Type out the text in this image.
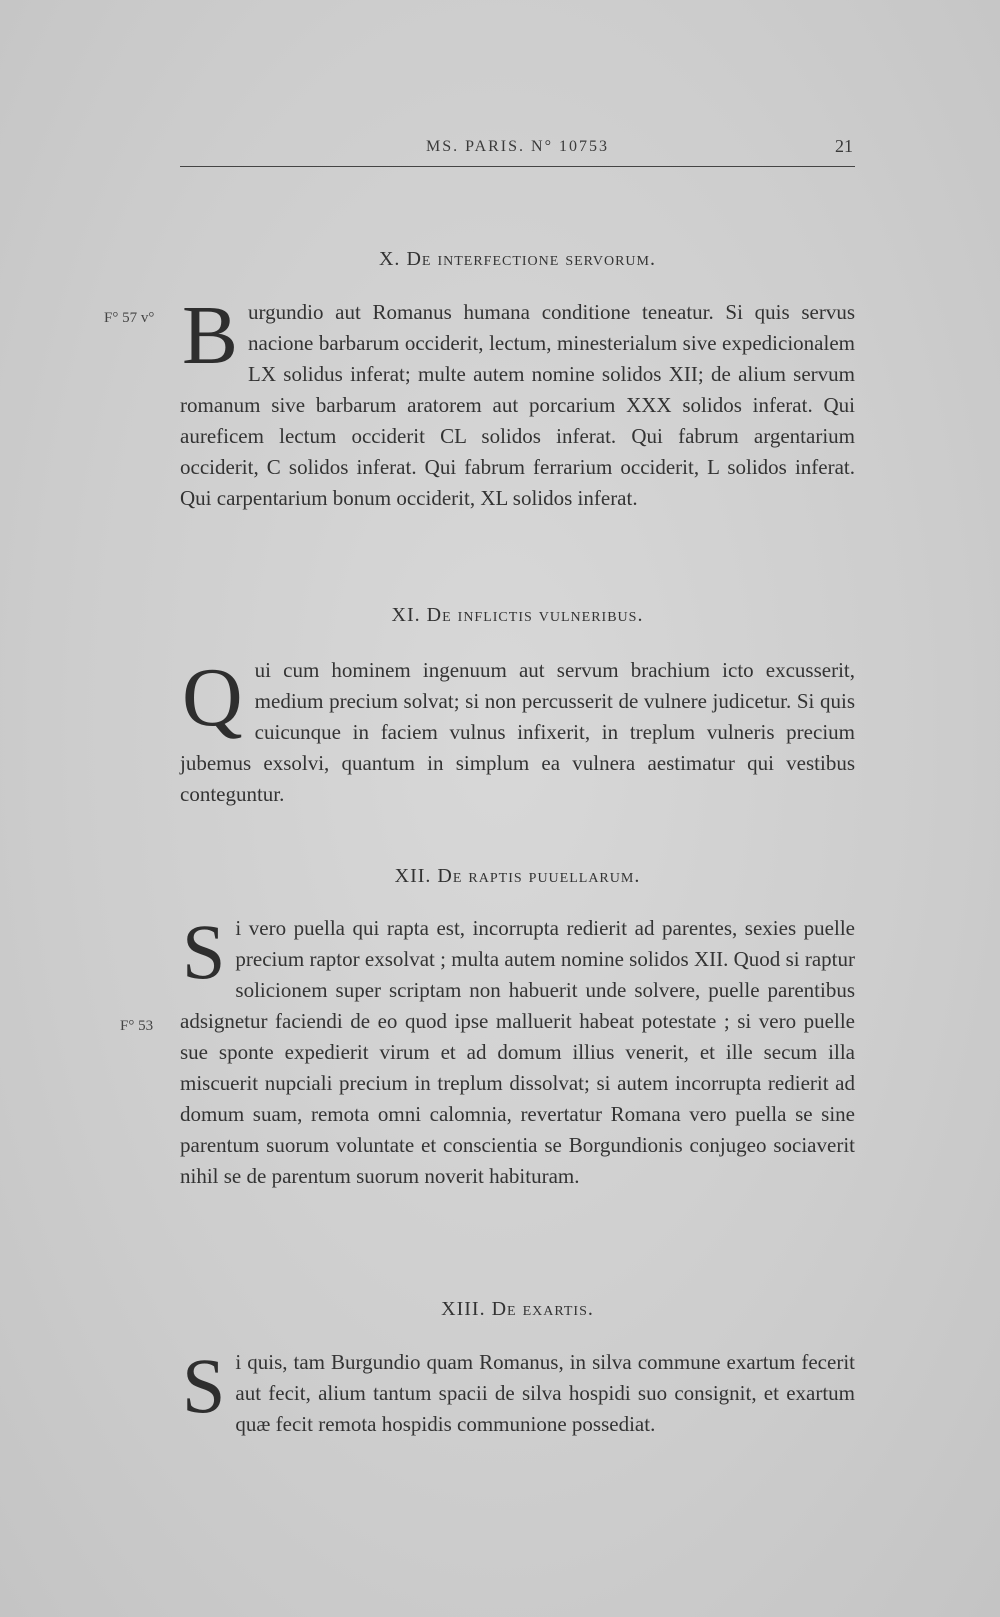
MS. PARIS. N° 10753	21
X. De interfectione servorum.
F° 57 v° B urgundio aut Romanus humana conditione teneatur. Si quis servus nacione barbarum occiderit, lectum, minesterialum sive expedicionalem LX solidus inferat; multe autem nomine solidos XII; de alium servum romanum sive barbarum aratorem aut porcarium XXX solidos inferat. Qui aureficem lectum occiderit CL solidos inferat. Qui fabrum argentarium occiderit, C solidos inferat. Qui fabrum ferrarium occiderit, L solidos inferat. Qui carpentarium bonum occiderit, XL solidos inferat.
XI. De inflictis vulneribus.
Q ui cum hominem ingenuum aut servum brachium icto excusserit, medium precium solvat; si non percusserit de vulnere judicetur. Si quis cuicunque in faciem vulnus infixerit, in treplum vulneris precium jubemus exsolvi, quantum in simplum ea vulnera aestimatur qui vestibus conteguntur.
XII. De raptis puuellarum.
F° 53
S i vero puella qui rapta est, incorrupta redierit ad parentes, sexies puelle precium raptor exsolvat ; multa autem nomine solidos XII. Quod si raptur solicionem super scriptam non habuerit unde solvere, puelle parentibus adsignetur faciendi de eo quod ipse malluerit habeat potestate ; si vero puelle sue sponte expedierit virum et ad domum illius venerit, et ille secum illa miscuerit nupciali precium in treplum dissolvat; si autem incorrupta redierit ad domum suam, remota omni calomnia, revertatur Romana vero puella se sine parentum suorum voluntate et conscientia se Borgundionis conjugeo sociaverit nihil se de parentum suorum noverit habituram.
XIII. De exartis.
S i quis, tam Burgundio quam Romanus, in silva commune exartum fecerit aut fecit, alium tantum spacii de silva hospidi suo consignit, et exartum quæ fecit remota hospidis communione possediat.
